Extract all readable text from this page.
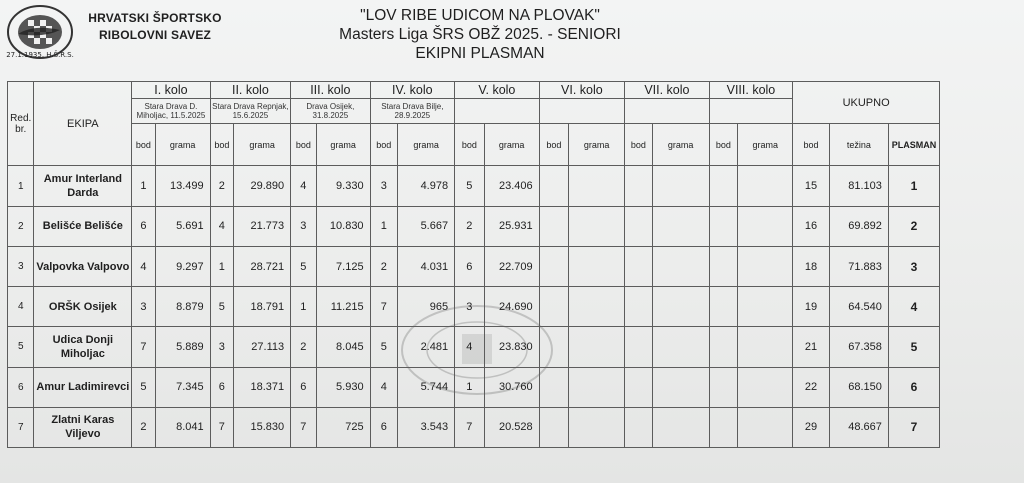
27.1.1935. H.Š.R.S.
HRVATSKI ŠPORTSKO
RIBOLOVNI SAVEZ
"LOV RIBE UDICOM NA PLOVAK"
Masters Liga ŠRS OBŽ 2025. - SENIORI
EKIPNI PLASMAN
Red. br.	EKIPA	I. kolo		II. kolo		III. kolo		IV. kolo		V. kolo		VI. kolo		VII. kolo		VIII. kolo		UKUPNO		
		Stara Drava D. Miholjac, 11.5.2025		Stara Drava Repnjak, 15.6.2025		Drava Osijek, 31.8.2025		Stara Drava Bilje, 28.9.2025												
		bod	grama	bod	grama	bod	grama	bod	grama	bod	grama	bod	grama	bod	grama	bod	grama	bod	težina	PLASMAN
1	Amur Interland Darda	1	13.499	2	29.890	4	9.330	3	4.978	5	23.406							15	81.103	1
2	Belišće Belišće	6	5.691	4	21.773	3	10.830	1	5.667	2	25.931							16	69.892	2
3	Valpovka Valpovo	4	9.297	1	28.721	5	7.125	2	4.031	6	22.709							18	71.883	3
4	ORŠK Osijek	3	8.879	5	18.791	1	11.215	7	965	3	24.690							19	64.540	4
5	Udica Donji Miholjac	7	5.889	3	27.113	2	8.045	5	2.481	4	23.830							21	67.358	5
6	Amur Ladimirevci	5	7.345	6	18.371	6	5.930	4	5.744	1	30.760							22	68.150	6
7	Zlatni Karas Viljevo	2	8.041	7	15.830	7	725	6	3.543	7	20.528							29	48.667	7
